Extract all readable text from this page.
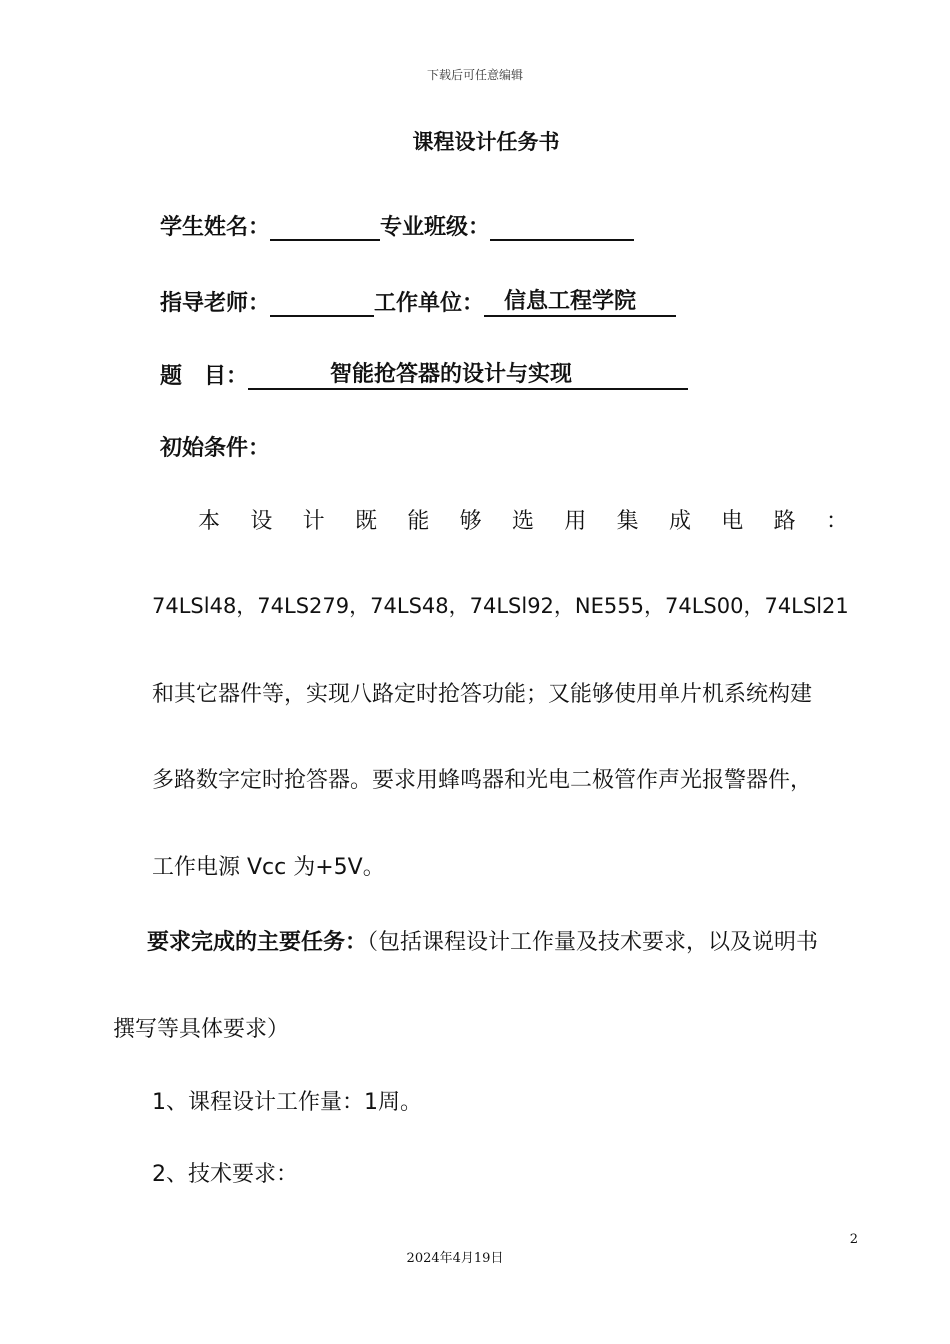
下载后可任意编辑
课程设计任务书
学生姓名：	专业班级：
指导老师：	工作单位： 信息工程学院
题　目：	智能抢答器的设计与实现
初始条件：
本 设 计 既 能 够 选 用 集 成 电 路 ：
74LSl48，74LS279，74LS48，74LSl92，NE555，74LS00，74LSl21
和其它器件等，实现八路定时抢答功能；又能够使用单片机系统构建
多路数字定时抢答器。要求用蜂鸣器和光电二极管作声光报警器件，
工作电源 Vcc 为+5V。
要求完成的主要任务：（包括课程设计工作量及技术要求，以及说明书
撰写等具体要求）
1、课程设计工作量：1周。
2、技术要求：
2
2024年4月19日
